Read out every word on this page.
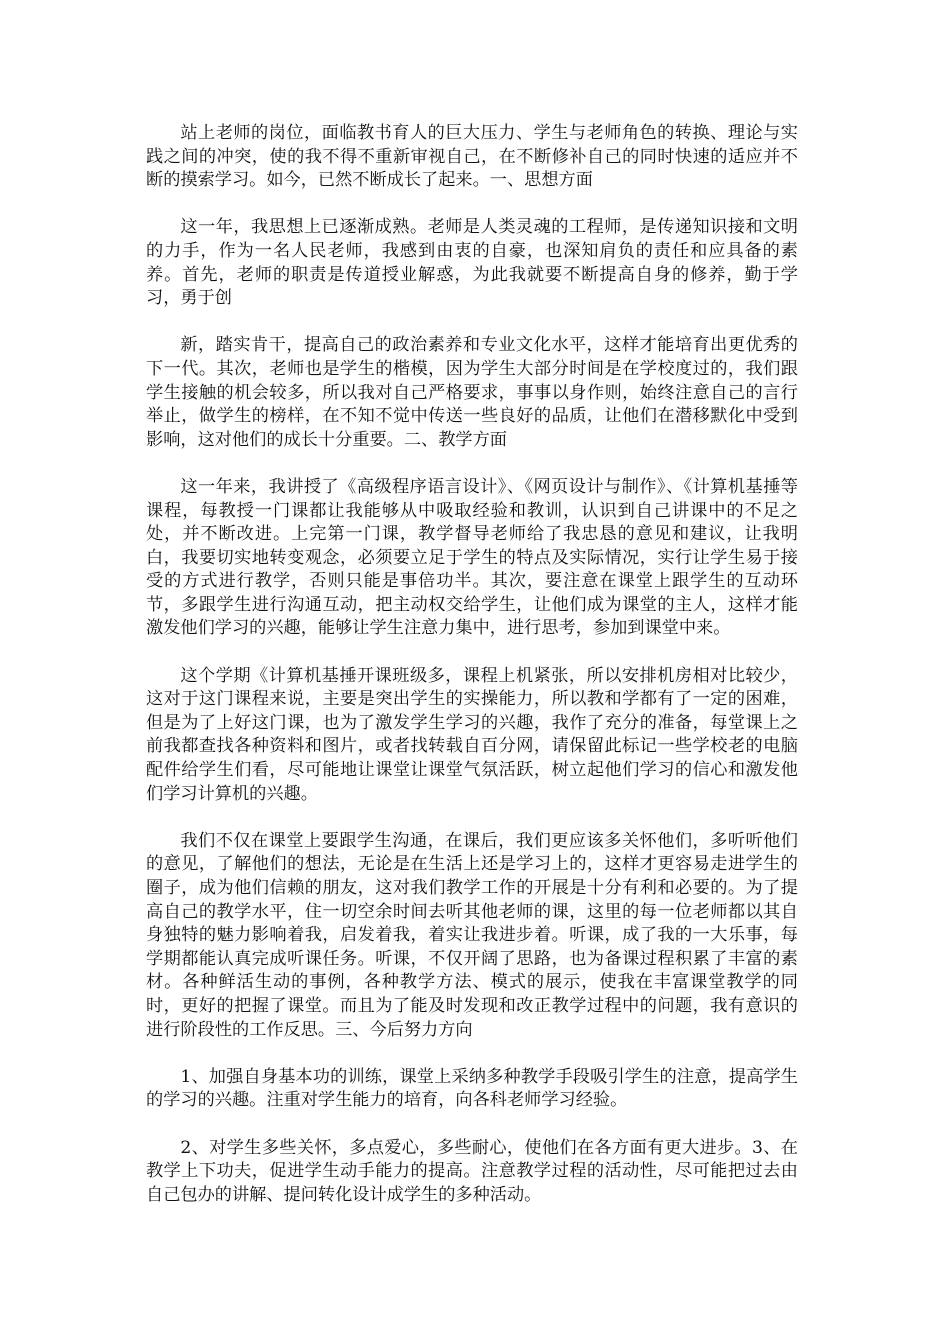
站上老师的岗位，面临教书育人的巨大压力、学生与老师角色的转换、理论与实践之间的冲突，使的我不得不重新审视自己，在不断修补自己的同时快速的适应并不断的摸索学习。如今，已然不断成长了起来。一、思想方面

这一年，我思想上已逐渐成熟。老师是人类灵魂的工程师，是传递知识接和文明的力手，作为一名人民老师，我感到由衷的自豪，也深知肩负的责任和应具备的素养。首先，老师的职责是传道授业解惑，为此我就要不断提高自身的修养，勤于学习，勇于创

新，踏实肯干，提高自己的政治素养和专业文化水平，这样才能培育出更优秀的下一代。其次，老师也是学生的楷模，因为学生大部分时间是在学校度过的，我们跟学生接触的机会较多，所以我对自己严格要求，事事以身作则，始终注意自己的言行举止，做学生的榜样，在不知不觉中传送一些良好的品质，让他们在潜移默化中受到影响，这对他们的成长十分重要。二、教学方面

这一年来，我讲授了《高级程序语言设计》、《网页设计与制作》、《计算机基捶等课程，每教授一门课都让我能够从中吸取经验和教训，认识到自己讲课中的不足之处，并不断改进。上完第一门课，教学督导老师给了我忠恳的意见和建议，让我明白，我要切实地转变观念，必须要立足于学生的特点及实际情况，实行让学生易于接受的方式进行教学，否则只能是事倍功半。其次，要注意在课堂上跟学生的互动环节，多跟学生进行沟通互动，把主动权交给学生，让他们成为课堂的主人，这样才能激发他们学习的兴趣，能够让学生注意力集中，进行思考，参加到课堂中来。

这个学期《计算机基捶开课班级多，课程上机紧张，所以安排机房相对比较少，这对于这门课程来说，主要是突出学生的实操能力，所以教和学都有了一定的困难，但是为了上好这门课，也为了激发学生学习的兴趣，我作了充分的准备，每堂课上之前我都查找各种资料和图片，或者找转载自百分网，请保留此标记一些学校老的电脑配件给学生们看，尽可能地让课堂让课堂气氛活跃，树立起他们学习的信心和激发他们学习计算机的兴趣。

我们不仅在课堂上要跟学生沟通，在课后，我们更应该多关怀他们，多听听他们的意见，了解他们的想法，无论是在生活上还是学习上的，这样才更容易走进学生的圈子，成为他们信赖的朋友，这对我们教学工作的开展是十分有利和必要的。为了提高自己的教学水平，住一切空余时间去听其他老师的课，这里的每一位老师都以其自身独特的魅力影响着我，启发着我，着实让我进步着。听课，成了我的一大乐事，每学期都能认真完成听课任务。听课，不仅开阔了思路，也为备课过程积累了丰富的素材。各种鲜活生动的事例，各种教学方法、模式的展示，使我在丰富课堂教学的同时，更好的把握了课堂。而且为了能及时发现和改正教学过程中的问题，我有意识的进行阶段性的工作反思。三、今后努力方向

1、加强自身基本功的训练，课堂上采纳多种教学手段吸引学生的注意，提高学生的学习的兴趣。注重对学生能力的培育，向各科老师学习经验。

2、对学生多些关怀，多点爱心，多些耐心，使他们在各方面有更大进步。3、在教学上下功夫，促进学生动手能力的提高。注意教学过程的活动性，尽可能把过去由自己包办的讲解、提问转化设计成学生的多种活动。
